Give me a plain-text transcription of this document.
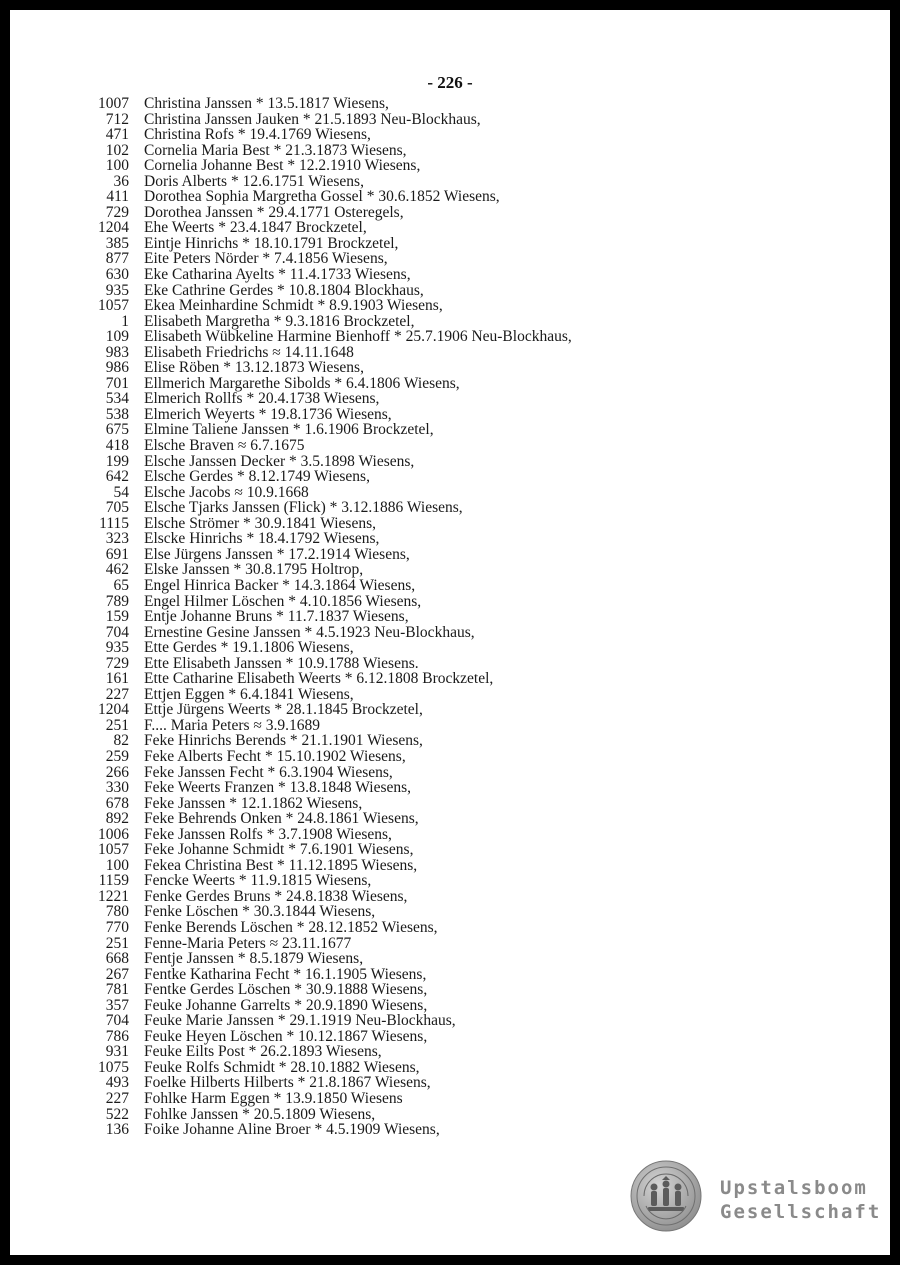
- 226 -
1007 Christina Janssen * 13.5.1817 Wiesens,
712 Christina Janssen Jauken * 21.5.1893 Neu-Blockhaus,
471 Christina Rofs * 19.4.1769 Wiesens,
102 Cornelia Maria Best * 21.3.1873 Wiesens,
100 Cornelia Johanne Best * 12.2.1910 Wiesens,
36 Doris Alberts * 12.6.1751 Wiesens,
411 Dorothea Sophia Margretha Gossel * 30.6.1852 Wiesens,
729 Dorothea Janssen * 29.4.1771 Osteregels,
1204 Ehe Weerts * 23.4.1847 Brockzetel,
385 Eintje Hinrichs * 18.10.1791 Brockzetel,
877 Eite Peters Nörder * 7.4.1856 Wiesens,
630 Eke Catharina Ayelts * 11.4.1733 Wiesens,
935 Eke Cathrine Gerdes * 10.8.1804 Blockhaus,
1057 Ekea Meinhardine Schmidt * 8.9.1903 Wiesens,
1 Elisabeth Margretha * 9.3.1816 Brockzetel,
109 Elisabeth Wübkeline Harmine Bienhoff * 25.7.1906 Neu-Blockhaus,
983 Elisabeth Friedrichs ≈ 14.11.1648
986 Elise Röben * 13.12.1873 Wiesens,
701 Ellmerich Margarethe Sibolds * 6.4.1806 Wiesens,
534 Elmerich Rollfs * 20.4.1738 Wiesens,
538 Elmerich Weyerts * 19.8.1736 Wiesens,
675 Elmine Taliene Janssen * 1.6.1906 Brockzetel,
418 Elsche Braven ≈ 6.7.1675
199 Elsche Janssen Decker * 3.5.1898 Wiesens,
642 Elsche Gerdes * 8.12.1749 Wiesens,
54 Elsche Jacobs ≈ 10.9.1668
705 Elsche Tjarks Janssen (Flick) * 3.12.1886 Wiesens,
1115 Elsche Strömer * 30.9.1841 Wiesens,
323 Elscke Hinrichs * 18.4.1792 Wiesens,
691 Else Jürgens Janssen * 17.2.1914 Wiesens,
462 Elske Janssen * 30.8.1795 Holtrop,
65 Engel Hinrica Backer * 14.3.1864 Wiesens,
789 Engel Hilmer Löschen * 4.10.1856 Wiesens,
159 Entje Johanne Bruns * 11.7.1837 Wiesens,
704 Ernestine Gesine Janssen * 4.5.1923 Neu-Blockhaus,
935 Ette Gerdes * 19.1.1806 Wiesens,
729 Ette Elisabeth Janssen * 10.9.1788 Wiesens.
161 Ette Catharine Elisabeth Weerts * 6.12.1808 Brockzetel,
227 Ettjen Eggen * 6.4.1841 Wiesens,
1204 Ettje Jürgens Weerts * 28.1.1845 Brockzetel,
251 F.... Maria Peters ≈ 3.9.1689
82 Feke Hinrichs Berends * 21.1.1901 Wiesens,
259 Feke Alberts Fecht * 15.10.1902 Wiesens,
266 Feke Janssen Fecht * 6.3.1904 Wiesens,
330 Feke Weerts Franzen * 13.8.1848 Wiesens,
678 Feke Janssen * 12.1.1862 Wiesens,
892 Feke Behrends Onken * 24.8.1861 Wiesens,
1006 Feke Janssen Rolfs * 3.7.1908 Wiesens,
1057 Feke Johanne Schmidt * 7.6.1901 Wiesens,
100 Fekea Christina Best * 11.12.1895 Wiesens,
1159 Fencke Weerts * 11.9.1815 Wiesens,
1221 Fenke Gerdes Bruns * 24.8.1838 Wiesens,
780 Fenke Löschen * 30.3.1844 Wiesens,
770 Fenke Berends Löschen * 28.12.1852 Wiesens,
251 Fenne-Maria Peters ≈ 23.11.1677
668 Fentje Janssen * 8.5.1879 Wiesens,
267 Fentke Katharina Fecht * 16.1.1905 Wiesens,
781 Fentke Gerdes Löschen * 30.9.1888 Wiesens,
357 Feuke Johanne Garrelts * 20.9.1890 Wiesens,
704 Feuke Marie Janssen * 29.1.1919 Neu-Blockhaus,
786 Feuke Heyen Löschen * 10.12.1867 Wiesens,
931 Feuke Eilts Post * 26.2.1893 Wiesens,
1075 Feuke Rolfs Schmidt * 28.10.1882 Wiesens,
493 Foelke Hilberts Hilberts * 21.8.1867 Wiesens,
227 Fohlke Harm Eggen * 13.9.1850 Wiesens
522 Fohlke Janssen * 20.5.1809 Wiesens,
136 Foike Johanne Aline Broer * 4.5.1909 Wiesens,
Upstalsboom
Gesellschaft
